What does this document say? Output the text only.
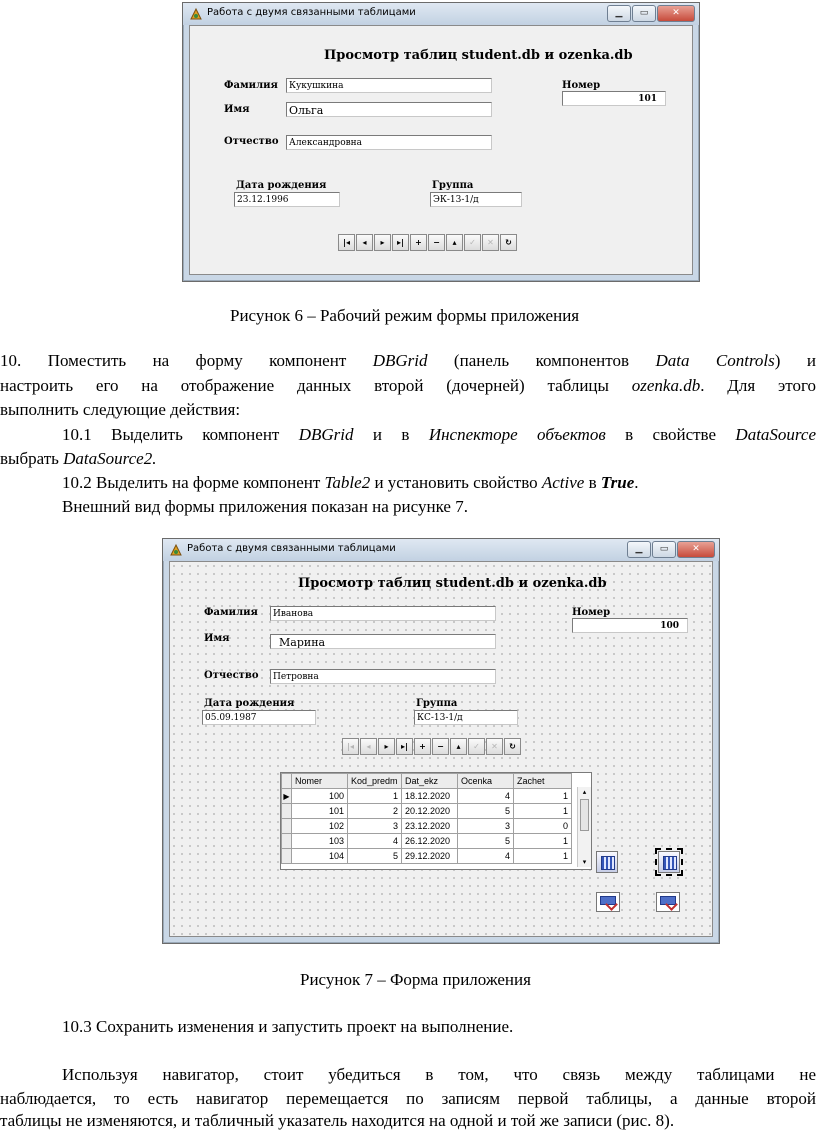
Работа с двумя связанными таблицами	▁	▭	✕
Просмотр таблиц student.db и ozenka.db
Фамилия	Кукушкина
Имя	Ольга
Отчество	Александровна
Номер
101
Дата рождения
23.12.1996
Группа
ЭК-13-1/д
|◂	◂	▸	▸|	+	−	▴	✓	✕	↻
Рисунок 6 – Рабочий режим формы приложения
10. Поместить на форму компонент DBGrid (панель компонентов Data Controls) и
настроить его на отображение данных второй (дочерней) таблицы ozenka.db. Для этого
выполнить следующие действия:
10.1 Выделить компонент DBGrid и в Инспекторе объектов в свойстве DataSource
выбрать DataSource2.
10.2 Выделить на форме компонент Table2 и установить свойство Active в True.
Внешний вид формы приложения показан на рисунке 7.
Работа с двумя связанными таблицами	▁	▭	✕
Просмотр таблиц student.db и ozenka.db
Фамилия	Иванова
Имя	Марина
Отчество	Петровна
Номер
100
Дата рождения
05.09.1987
Группа
КС-13-1/д
|◂	◂	▸	▸|	+	−	▴	✓	✕	↻
	Nomer	Kod_predm	Dat_ekz	Ocenka	Zachet
▶	100	1	18.12.2020	4	1
	101	2	20.12.2020	5	1
	102	3	23.12.2020	3	0
	103	4	26.12.2020	5	1
	104	5	29.12.2020	4	1
▴
▾
Рисунок 7 – Форма приложения
10.3 Сохранить изменения и запустить проект на выполнение.
Используя навигатор, стоит убедиться в том, что связь между таблицами не
наблюдается, то есть навигатор перемещается по записям первой таблицы, а данные второй
таблицы не изменяются, и табличный указатель находится на одной и той же записи (рис. 8).
